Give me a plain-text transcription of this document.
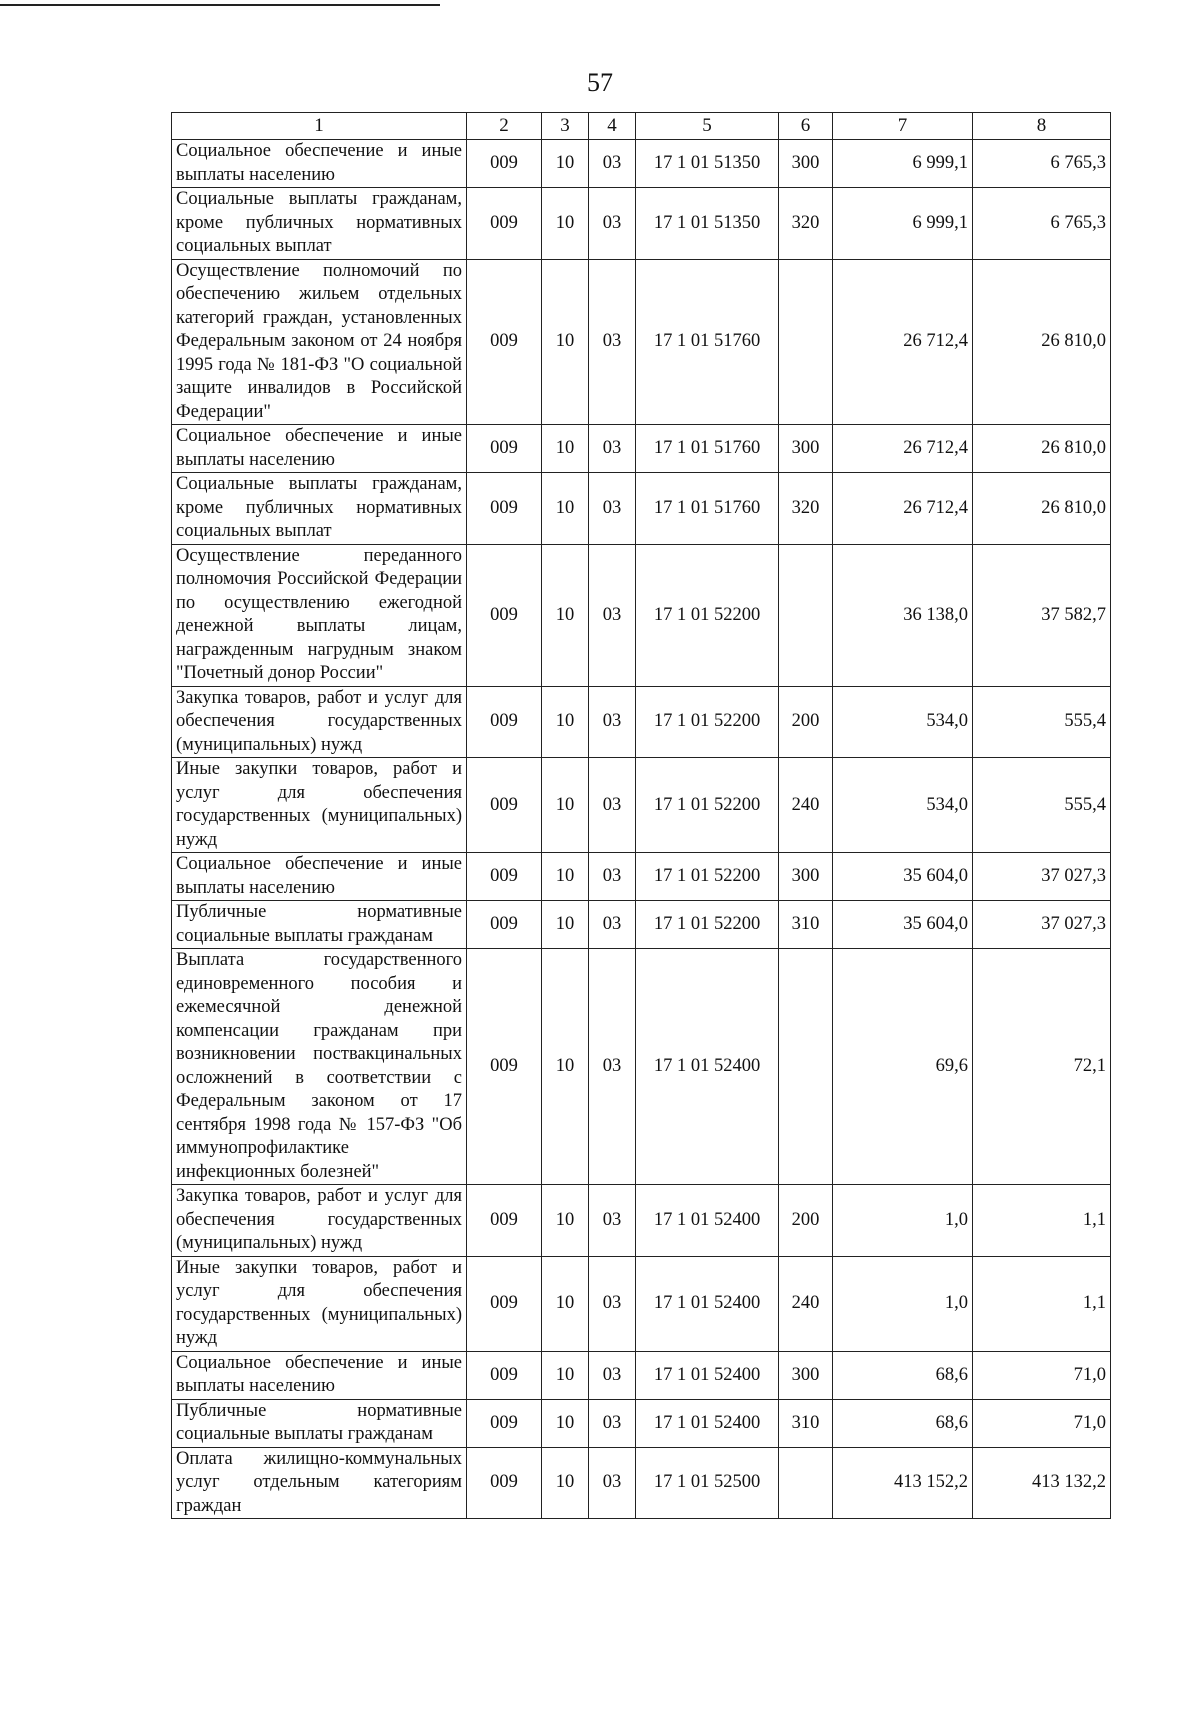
57
1	2	3	4	5	6	7	8
Социальное обеспечение и иные выплаты населению	009	10	03	17 1 01 51350	300	6 999,1	6 765,3
Социальные выплаты гражданам, кроме публичных нормативных социальных выплат	009	10	03	17 1 01 51350	320	6 999,1	6 765,3
Осуществление полномочий по обеспечению жильем отдельных категорий граждан, установленных Федеральным законом от 24 ноября 1995 года № 181-ФЗ "О социальной защите инвалидов в Российской Федерации"	009	10	03	17 1 01 51760		26 712,4	26 810,0
Социальное обеспечение и иные выплаты населению	009	10	03	17 1 01 51760	300	26 712,4	26 810,0
Социальные выплаты гражданам, кроме публичных нормативных социальных выплат	009	10	03	17 1 01 51760	320	26 712,4	26 810,0
Осуществление переданного полномочия Российской Федерации по осуществлению ежегодной денежной выплаты лицам, награжденным нагрудным знаком "Почетный донор России"	009	10	03	17 1 01 52200		36 138,0	37 582,7
Закупка товаров, работ и услуг для обеспечения государственных (муниципальных) нужд	009	10	03	17 1 01 52200	200	534,0	555,4
Иные закупки товаров, работ и услуг для обеспечения государственных (муниципальных) нужд	009	10	03	17 1 01 52200	240	534,0	555,4
Социальное обеспечение и иные выплаты населению	009	10	03	17 1 01 52200	300	35 604,0	37 027,3
Публичные нормативные социальные выплаты гражданам	009	10	03	17 1 01 52200	310	35 604,0	37 027,3
Выплата государственного единовременного пособия и ежемесячной денежной компенсации гражданам при возникновении поствакцинальных осложнений в соответствии с Федеральным законом от 17 сентября 1998 года № 157-ФЗ "Об иммунопрофилактике инфекционных болезней"	009	10	03	17 1 01 52400		69,6	72,1
Закупка товаров, работ и услуг для обеспечения государственных (муниципальных) нужд	009	10	03	17 1 01 52400	200	1,0	1,1
Иные закупки товаров, работ и услуг для обеспечения государственных (муниципальных) нужд	009	10	03	17 1 01 52400	240	1,0	1,1
Социальное обеспечение и иные выплаты населению	009	10	03	17 1 01 52400	300	68,6	71,0
Публичные нормативные социальные выплаты гражданам	009	10	03	17 1 01 52400	310	68,6	71,0
Оплата жилищно-коммунальных услуг отдельным категориям граждан	009	10	03	17 1 01 52500		413 152,2	413 132,2
